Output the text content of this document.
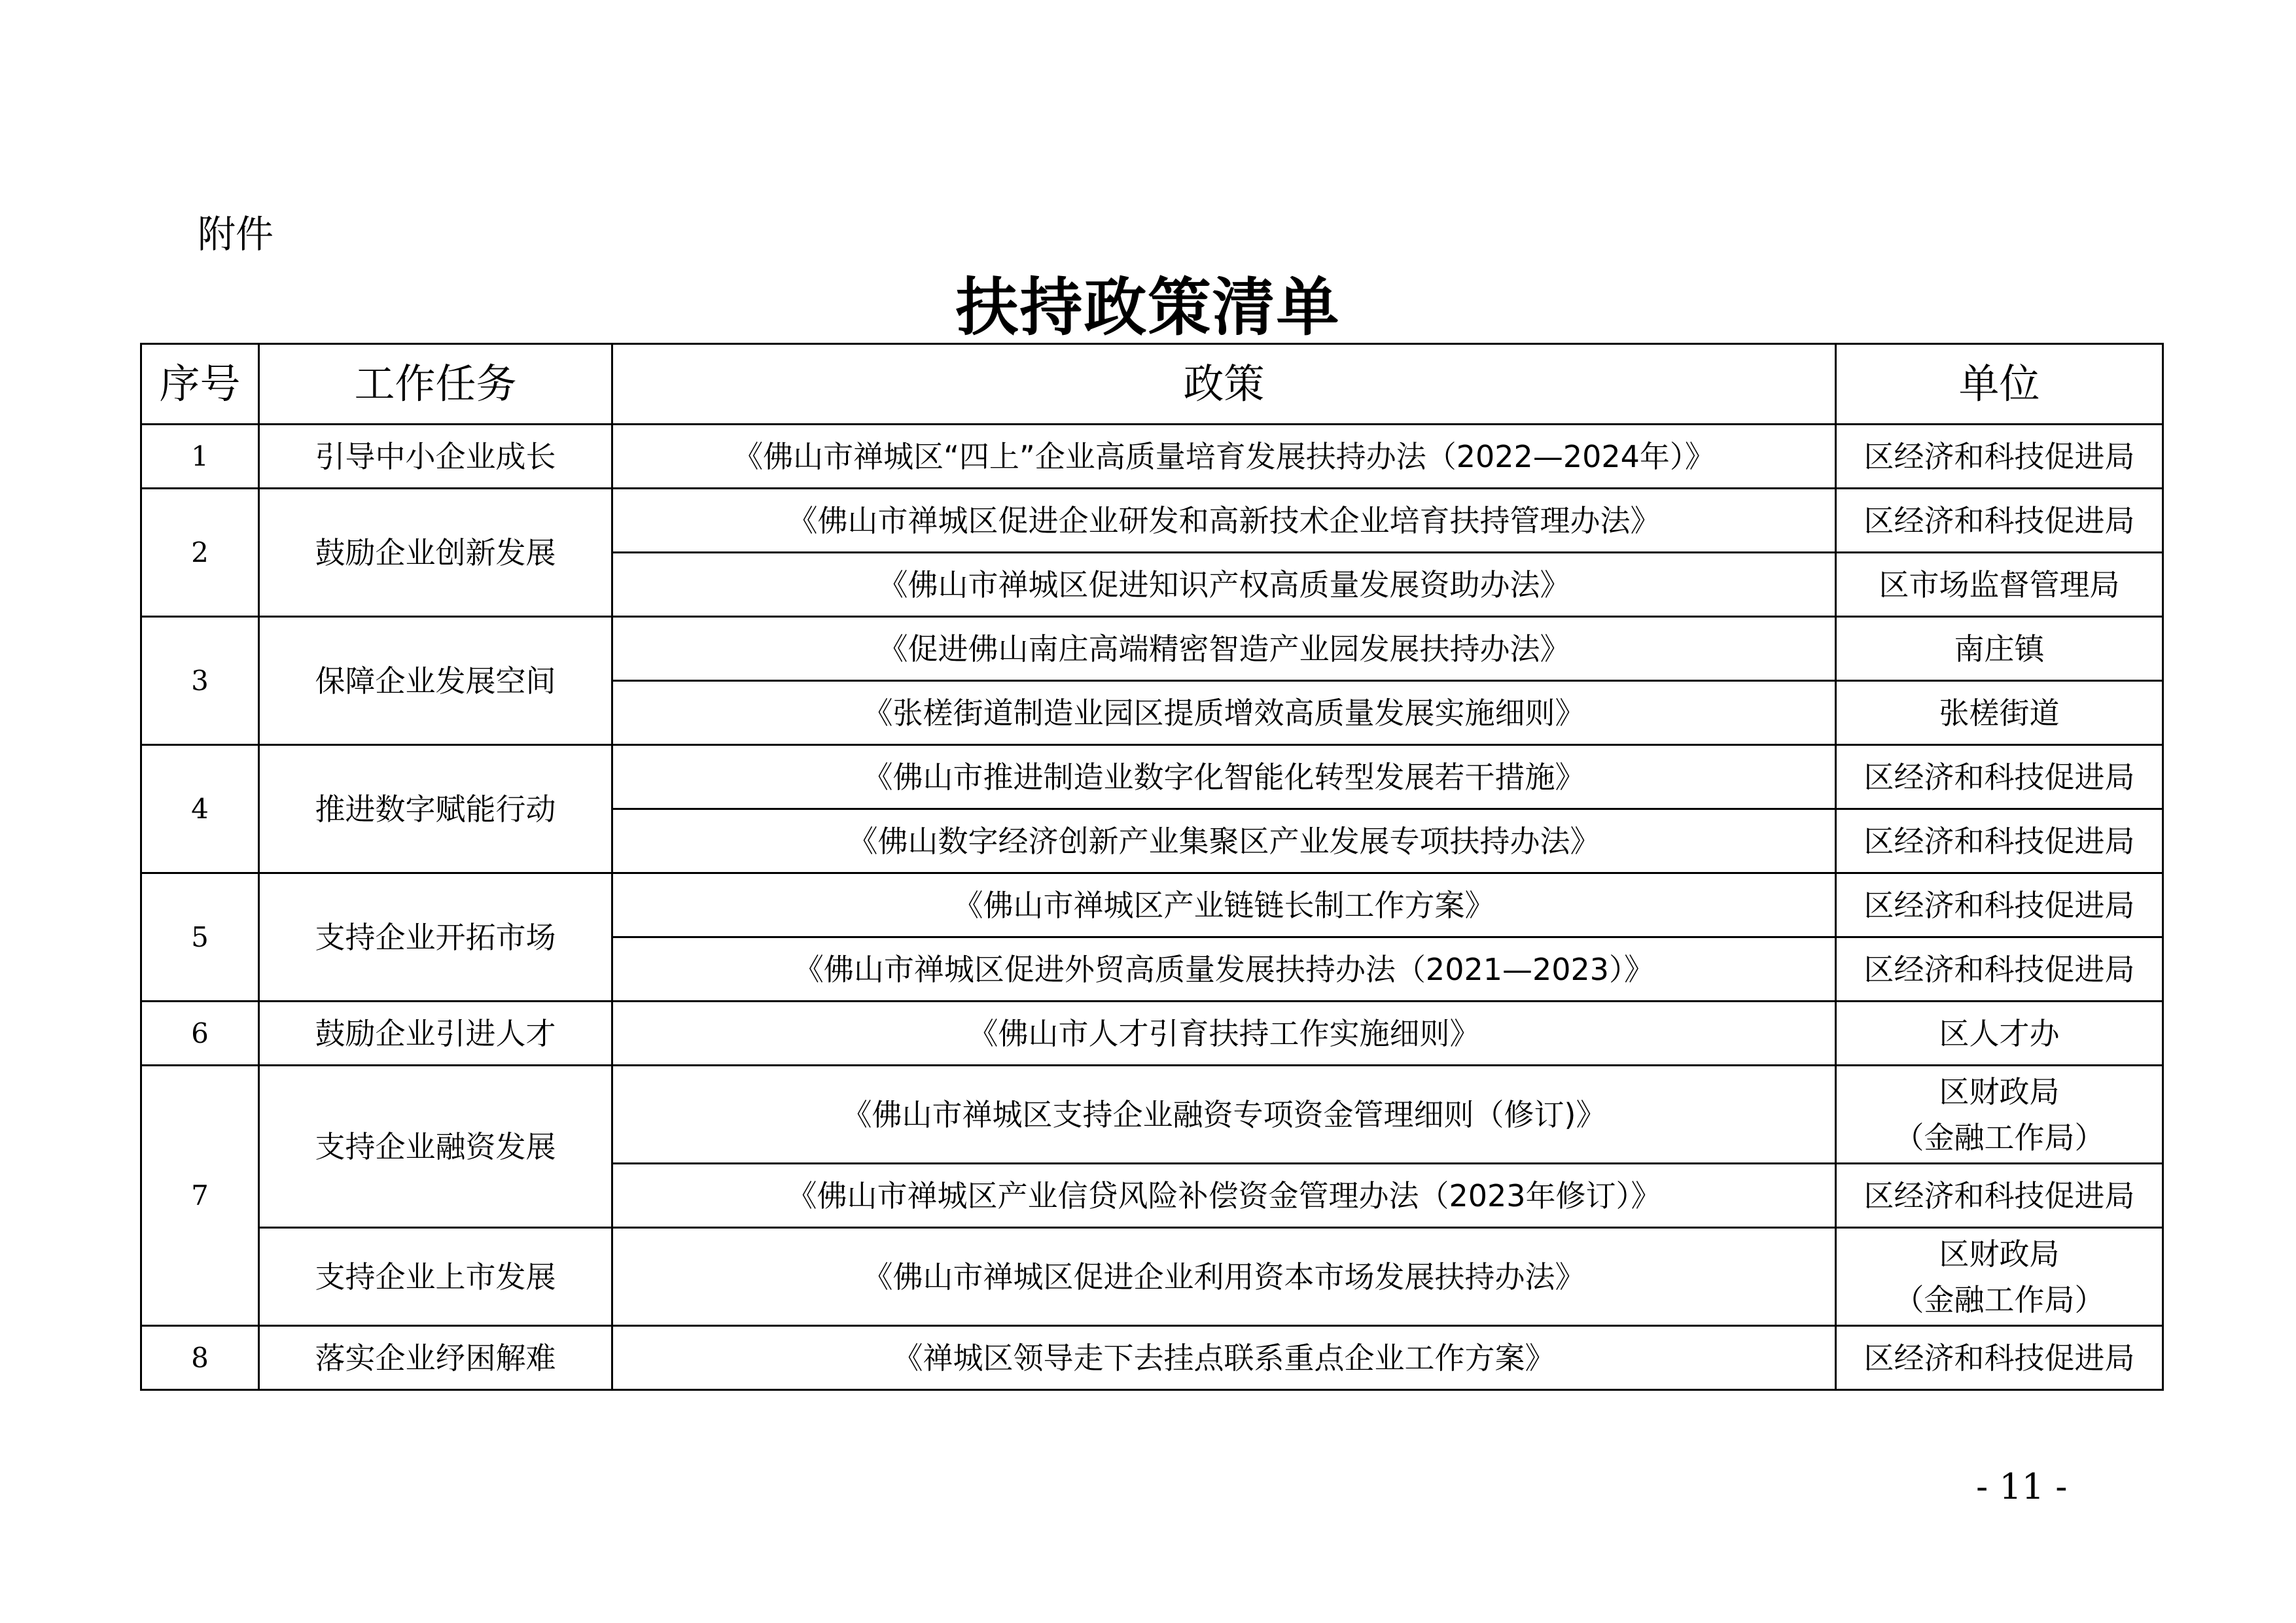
附件
扶持政策清单
序号	工作任务	政策	单位
1	引导中小企业成长	《佛山市禅城区“四上”企业高质量培育发展扶持办法（2022—2024年）》	区经济和科技促进局
2	鼓励企业创新发展	《佛山市禅城区促进企业研发和高新技术企业培育扶持管理办法》	区经济和科技促进局
		《佛山市禅城区促进知识产权高质量发展资助办法》	区市场监督管理局
3	保障企业发展空间	《促进佛山南庄高端精密智造产业园发展扶持办法》	南庄镇
		《张槎街道制造业园区提质增效高质量发展实施细则》	张槎街道
4	推进数字赋能行动	《佛山市推进制造业数字化智能化转型发展若干措施》	区经济和科技促进局
		《佛山数字经济创新产业集聚区产业发展专项扶持办法》	区经济和科技促进局
5	支持企业开拓市场	《佛山市禅城区产业链链长制工作方案》	区经济和科技促进局
		《佛山市禅城区促进外贸高质量发展扶持办法（2021—2023）》	区经济和科技促进局
6	鼓励企业引进人才	《佛山市人才引育扶持工作实施细则》	区人才办
7	支持企业融资发展	《佛山市禅城区支持企业融资专项资金管理细则（修订)》	区财政局
（金融工作局）

		《佛山市禅城区产业信贷风险补偿资金管理办法（2023年修订）》	区经济和科技促进局
	支持企业上市发展	《佛山市禅城区促进企业利用资本市场发展扶持办法》	区财政局
（金融工作局）

8	落实企业纾困解难	《禅城区领导走下去挂点联系重点企业工作方案》	区经济和科技促进局
- 11 -
